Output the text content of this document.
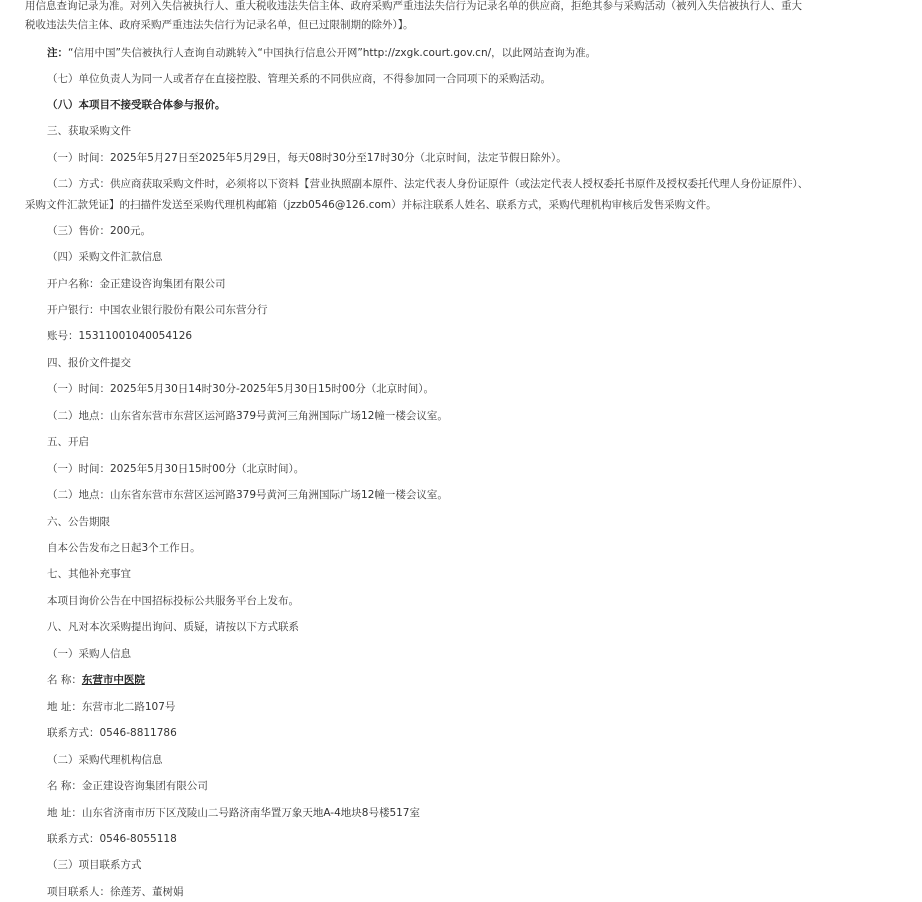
用信息查询记录为准。对列入失信被执行人、重大税收违法失信主体、政府采购严重违法失信行为记录名单的供应商，拒绝其参与采购活动（被列入失信被执行人、重大
税收违法失信主体、政府采购严重违法失信行为记录名单，但已过限制期的除外）】。
注：“信用中国”失信被执行人查询自动跳转入“中国执行信息公开网”http://zxgk.court.gov.cn/，以此网站查询为准。
（七）单位负责人为同一人或者存在直接控股、管理关系的不同供应商，不得参加同一合同项下的采购活动。
（八）本项目不接受联合体参与报价。
三、获取采购文件
（一）时间：2025年5月27日至2025年5月29日，每天08时30分至17时30分（北京时间，法定节假日除外）。
（二）方式：供应商获取采购文件时，必须将以下资料【营业执照副本原件、法定代表人身份证原件（或法定代表人授权委托书原件及授权委托代理人身份证原件）、
采购文件汇款凭证】的扫描件发送至采购代理机构邮箱（jzzb0546@126.com）并标注联系人姓名、联系方式，采购代理机构审核后发售采购文件。
（三）售价：200元。
（四）采购文件汇款信息
开户名称：金正建设咨询集团有限公司
开户银行：中国农业银行股份有限公司东营分行
账号：15311001040054126
四、报价文件提交
（一）时间：2025年5月30日14时30分-2025年5月30日15时00分（北京时间）。
（二）地点：山东省东营市东营区运河路379号黄河三角洲国际广场12幢一楼会议室。
五、开启
（一）时间：2025年5月30日15时00分（北京时间）。
（二）地点：山东省东营市东营区运河路379号黄河三角洲国际广场12幢一楼会议室。
六、公告期限
自本公告发布之日起3个工作日。
七、其他补充事宜
本项目询价公告在中国招标投标公共服务平台上发布。
八、凡对本次采购提出询问、质疑，请按以下方式联系
（一）采购人信息
名 称：东营市中医院
地 址：东营市北二路107号
联系方式：0546-8811786
（二）采购代理机构信息
名 称：金正建设咨询集团有限公司
地 址：山东省济南市历下区茂陵山二号路济南华置万象天地A-4地块8号楼517室
联系方式：0546-8055118
（三）项目联系方式
项目联系人：徐莲芳、董树娟
